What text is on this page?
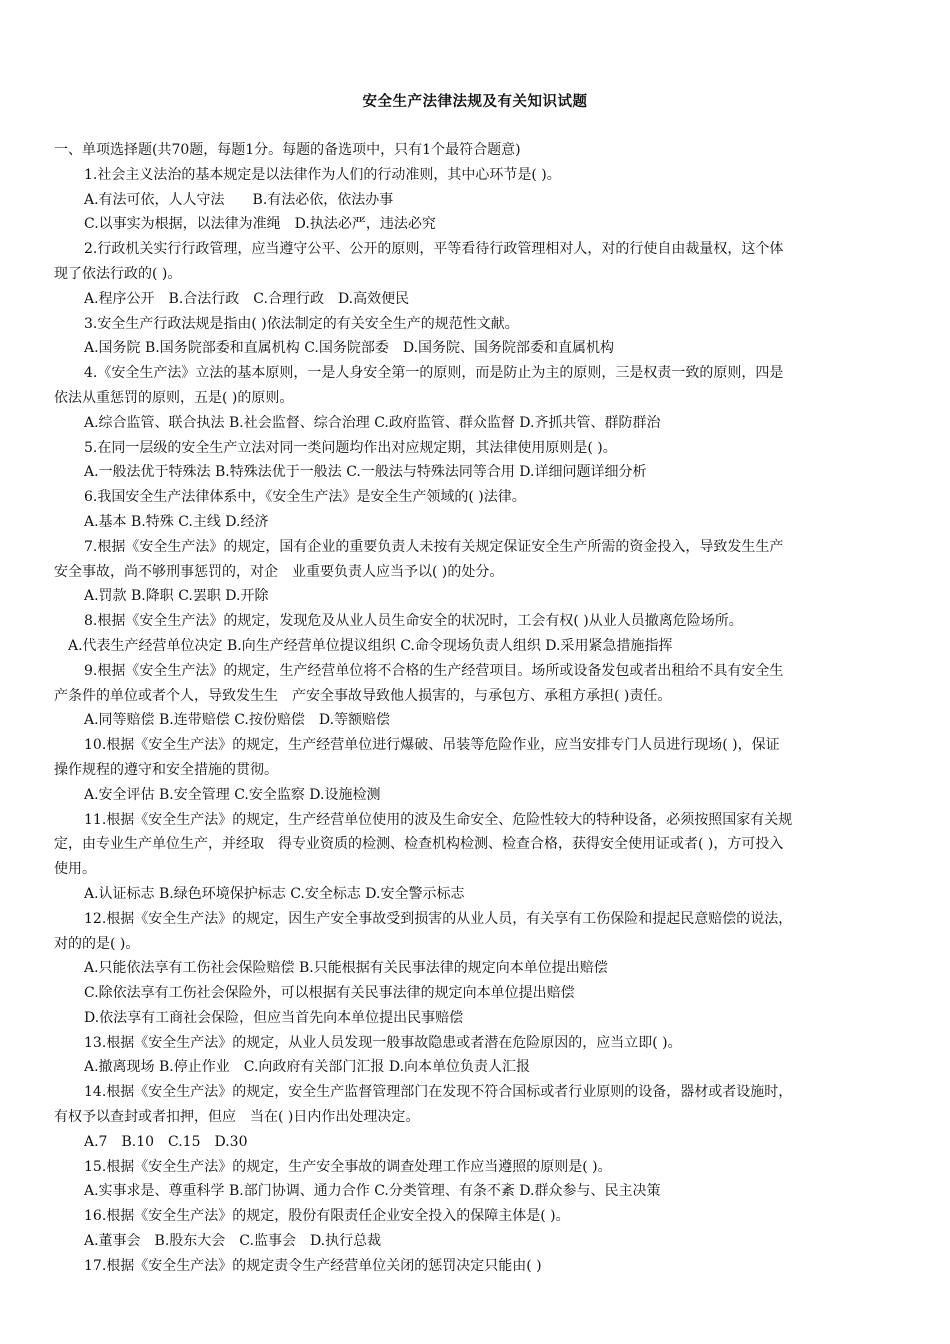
安全生产法律法规及有关知识试题
一、单项选择题(共70题，每题1分。每题的备选项中，只有1个最符合题意)
1.社会主义法治的基本规定是以法律作为人们的行动准则，其中心环节是( )。
A.有法可依，人人守法　　B.有法必依，依法办事
C.以事实为根据，以法律为准绳　D.执法必严，违法必究
2.行政机关实行行政管理，应当遵守公平、公开的原则，平等看待行政管理相对人，对的行使自由裁量权，这个体
现了依法行政的( )。
A.程序公开　B.合法行政　C.合理行政　D.高效便民
3.安全生产行政法规是指由( )依法制定的有关安全生产的规范性文献。
A.国务院 B.国务院部委和直属机构 C.国务院部委　D.国务院、国务院部委和直属机构
4.《安全生产法》立法的基本原则，一是人身安全第一的原则，而是防止为主的原则，三是权责一致的原则，四是
依法从重惩罚的原则，五是( )的原则。
A.综合监管、联合执法 B.社会监督、综合治理 C.政府监管、群众监督 D.齐抓共管、群防群治
5.在同一层级的安全生产立法对同一类问题均作出对应规定期，其法律使用原则是( )。
A.一般法优于特殊法 B.特殊法优于一般法 C.一般法与特殊法同等合用 D.详细问题详细分析
6.我国安全生产法律体系中，《安全生产法》是安全生产领域的( )法律。
A.基本 B.特殊 C.主线 D.经济
7.根据《安全生产法》的规定，国有企业的重要负责人未按有关规定保证安全生产所需的资金投入，导致发生生产
安全事故，尚不够刑事惩罚的，对企　业重要负责人应当予以( )的处分。
A.罚款 B.降职 C.罢职 D.开除
8.根据《安全生产法》的规定，发现危及从业人员生命安全的状况时，工会有权( )从业人员撤离危险场所。
A.代表生产经营单位决定 B.向生产经营单位提议组织 C.命令现场负责人组织 D.采用紧急措施指挥
9.根据《安全生产法》的规定，生产经营单位将不合格的生产经营项目。场所或设备发包或者出租给不具有安全生
产条件的单位或者个人，导致发生生　产安全事故导致他人损害的，与承包方、承租方承担( )责任。
A.同等赔偿 B.连带赔偿 C.按份赔偿　D.等额赔偿
10.根据《安全生产法》的规定，生产经营单位进行爆破、吊装等危险作业，应当安排专门人员进行现场( )，保证
操作规程的遵守和安全措施的贯彻。
A.安全评估 B.安全管理 C.安全监察 D.设施检测
11.根据《安全生产法》的规定，生产经营单位使用的波及生命安全、危险性较大的特种设备，必须按照国家有关规
定，由专业生产单位生产，并经取　得专业资质的检测、检查机构检测、检查合格，获得安全使用证或者( )，方可投入
使用。
A.认证标志 B.绿色环境保护标志 C.安全标志 D.安全警示标志
12.根据《安全生产法》的规定，因生产安全事故受到损害的从业人员，有关享有工伤保险和提起民意赔偿的说法，
对的的是( )。
A.只能依法享有工伤社会保险赔偿 B.只能根据有关民事法律的规定向本单位提出赔偿
C.除依法享有工伤社会保险外，可以根据有关民事法律的规定向本单位提出赔偿
D.依法享有工商社会保险，但应当首先向本单位提出民事赔偿
13.根据《安全生产法》的规定，从业人员发现一般事故隐患或者潜在危险原因的，应当立即( )。
A.撤离现场 B.停止作业　C.向政府有关部门汇报 D.向本单位负责人汇报
14.根据《安全生产法》的规定，安全生产监督管理部门在发现不符合国标或者行业原则的设备，器材或者设施时，
有权予以查封或者扣押，但应　当在( )日内作出处理决定。
A.7　B.10　C.15　D.30
15.根据《安全生产法》的规定，生产安全事故的调查处理工作应当遵照的原则是( )。
A.实事求是、尊重科学 B.部门协调、通力合作 C.分类管理、有条不紊 D.群众参与、民主决策
16.根据《安全生产法》的规定，股份有限责任企业安全投入的保障主体是( )。
A.董事会　B.股东大会　C.监事会　D.执行总裁
17.根据《安全生产法》的规定责令生产经营单位关闭的惩罚决定只能由( )
